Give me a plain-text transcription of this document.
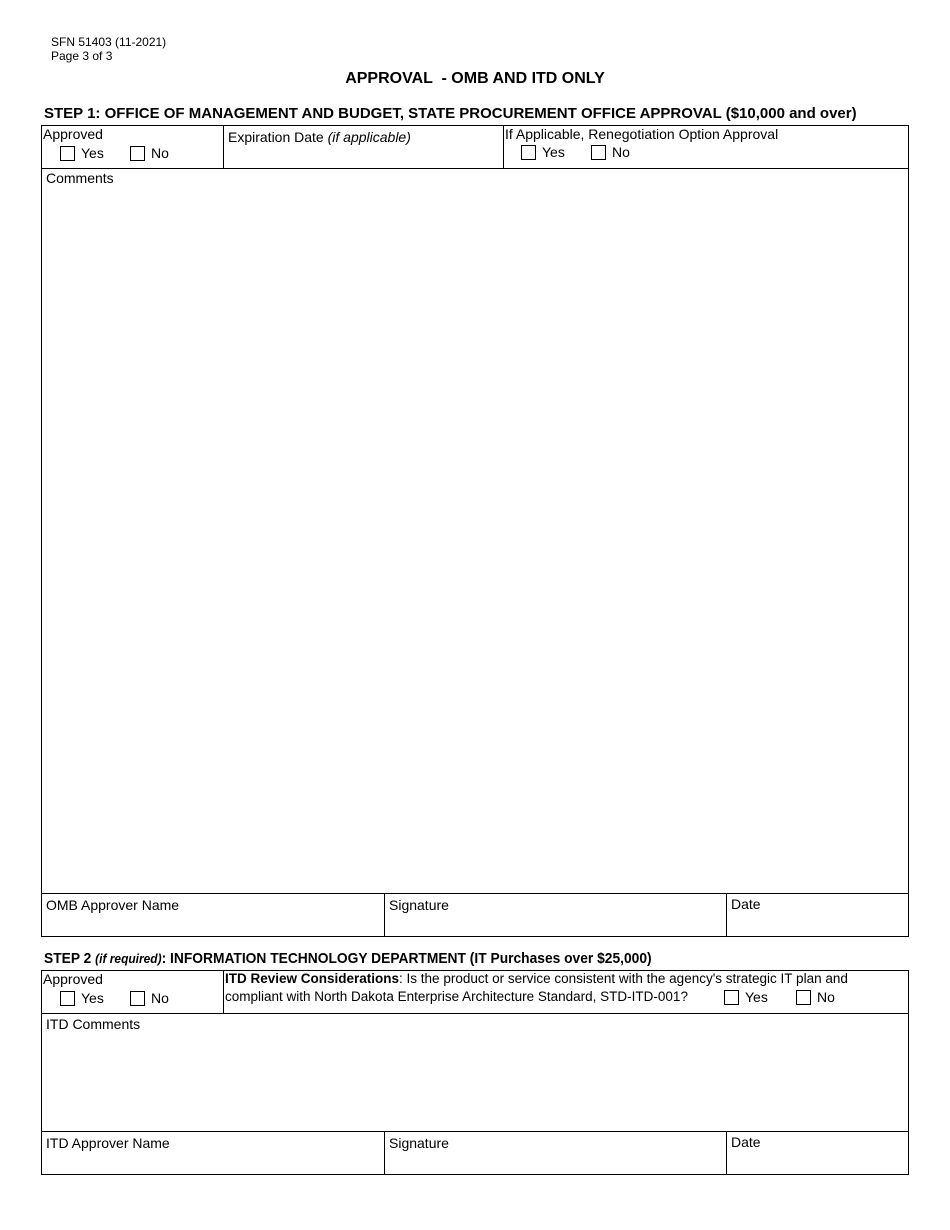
SFN 51403 (11-2021)
Page 3 of 3
APPROVAL  - OMB AND ITD ONLY
STEP 1: OFFICE OF MANAGEMENT AND BUDGET, STATE PROCUREMENT OFFICE APPROVAL ($10,000 and over)
Approved
Yes	No
Expiration Date (if applicable)	If Applicable, Renegotiation Option Approval
Yes	No
Comments
OMB Approver Name	Signature	Date
STEP 2 (if required): INFORMATION TECHNOLOGY DEPARTMENT (IT Purchases over $25,000)
Approved
Yes	No
ITD Review Considerations: Is the product or service consistent with the agency's strategic IT plan and
compliant with North Dakota Enterprise Architecture Standard, STD-ITD-001?	Yes	No
ITD Comments
ITD Approver Name	Signature	Date
